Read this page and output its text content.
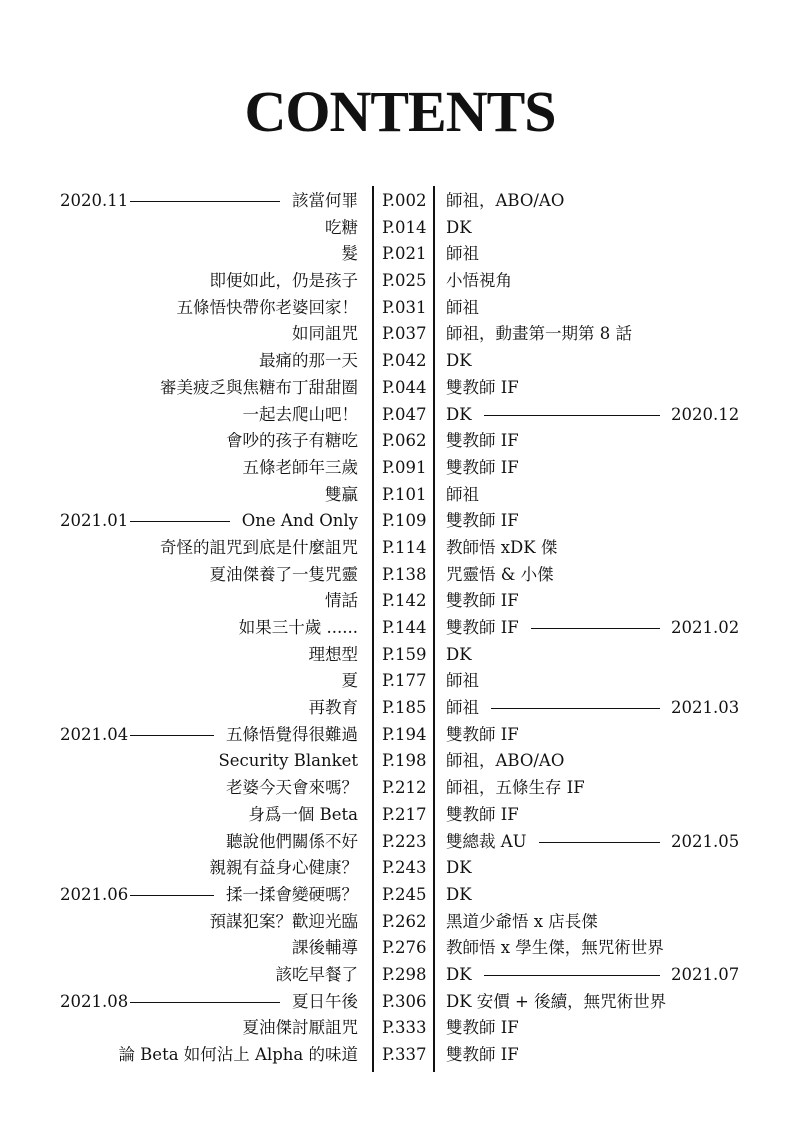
CONTENTS
2020.11	該當何罪 P.002 師祖，ABO/AO
吃糖 P.014 DK
髮 P.021 師祖
即便如此，仍是孩子 P.025 小悟視角
五條悟快帶你老婆回家！ P.031 師祖
如同詛咒 P.037 師祖，動畫第一期第 8 話
最痛的那一天 P.042 DK
審美疲乏與焦糖布丁甜甜圈 P.044 雙教師 IF
一起去爬山吧！ P.047 DK	2020.12
會吵的孩子有糖吃 P.062 雙教師 IF
五條老師年三歲 P.091 雙教師 IF
雙贏 P.101 師祖
2021.01	One And Only P.109 雙教師 IF
奇怪的詛咒到底是什麼詛咒 P.114 教師悟 xDK 傑
夏油傑養了一隻咒靈 P.138 咒靈悟 & 小傑
情話 P.142 雙教師 IF
如果三十歲 ...... P.144 雙教師 IF	2021.02
理想型 P.159 DK
夏 P.177 師祖
再教育 P.185 師祖	2021.03
2021.04	五條悟覺得很難過 P.194 雙教師 IF
Security Blanket P.198 師祖，ABO/AO
老婆今天會來嗎？ P.212 師祖，五條生存 IF
身爲一個 Beta P.217 雙教師 IF
聽說他們關係不好 P.223 雙總裁 AU	2021.05
親親有益身心健康？ P.243 DK
2021.06	揉一揉會變硬嗎？ P.245 DK
預謀犯案？歡迎光臨 P.262 黑道少爺悟 x 店長傑
課後輔導 P.276 教師悟 x 學生傑，無咒術世界
該吃早餐了 P.298 DK	2021.07
2021.08	夏日午後 P.306 DK 安價 + 後續，無咒術世界
夏油傑討厭詛咒 P.333 雙教師 IF
論 Beta 如何沾上 Alpha 的味道 P.337 雙教師 IF
